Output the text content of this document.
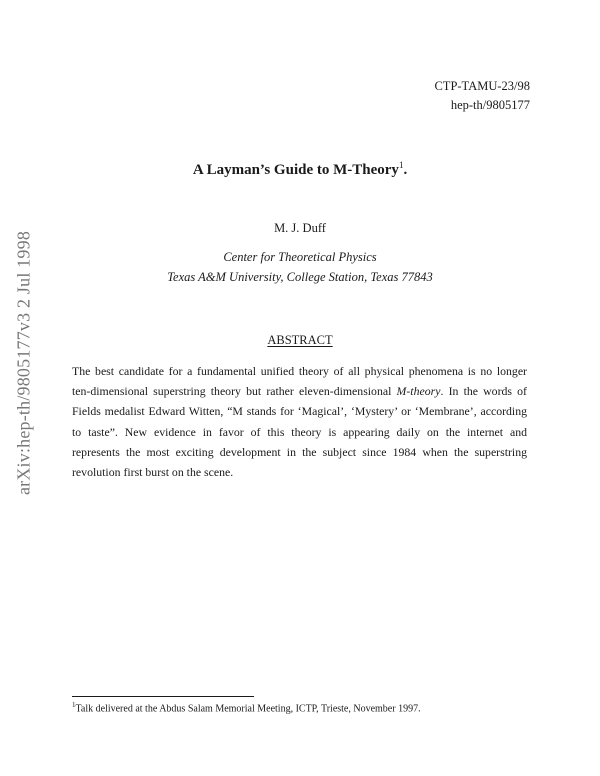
arXiv:hep-th/9805177v3 2 Jul 1998
CTP-TAMU-23/98
hep-th/9805177
A Layman’s Guide to M-Theory$^1$.
M. J. Duff
Center for Theoretical Physics
Texas A&M University, College Station, Texas 77843
ABSTRACT
The best candidate for a fundamental unified theory of all physical phenomena is no longer
ten-dimensional superstring theory but rather eleven-dimensional M-theory. In the words of
Fields medalist Edward Witten, “M stands for ‘Magical’, ‘Mystery’ or ‘Membrane’, according
to taste”. New evidence in favor of this theory is appearing daily on the internet and
represents the most exciting development in the subject since 1984 when the superstring
revolution first burst on the scene.
$^1$Talk delivered at the Abdus Salam Memorial Meeting, ICTP, Trieste, November 1997.
